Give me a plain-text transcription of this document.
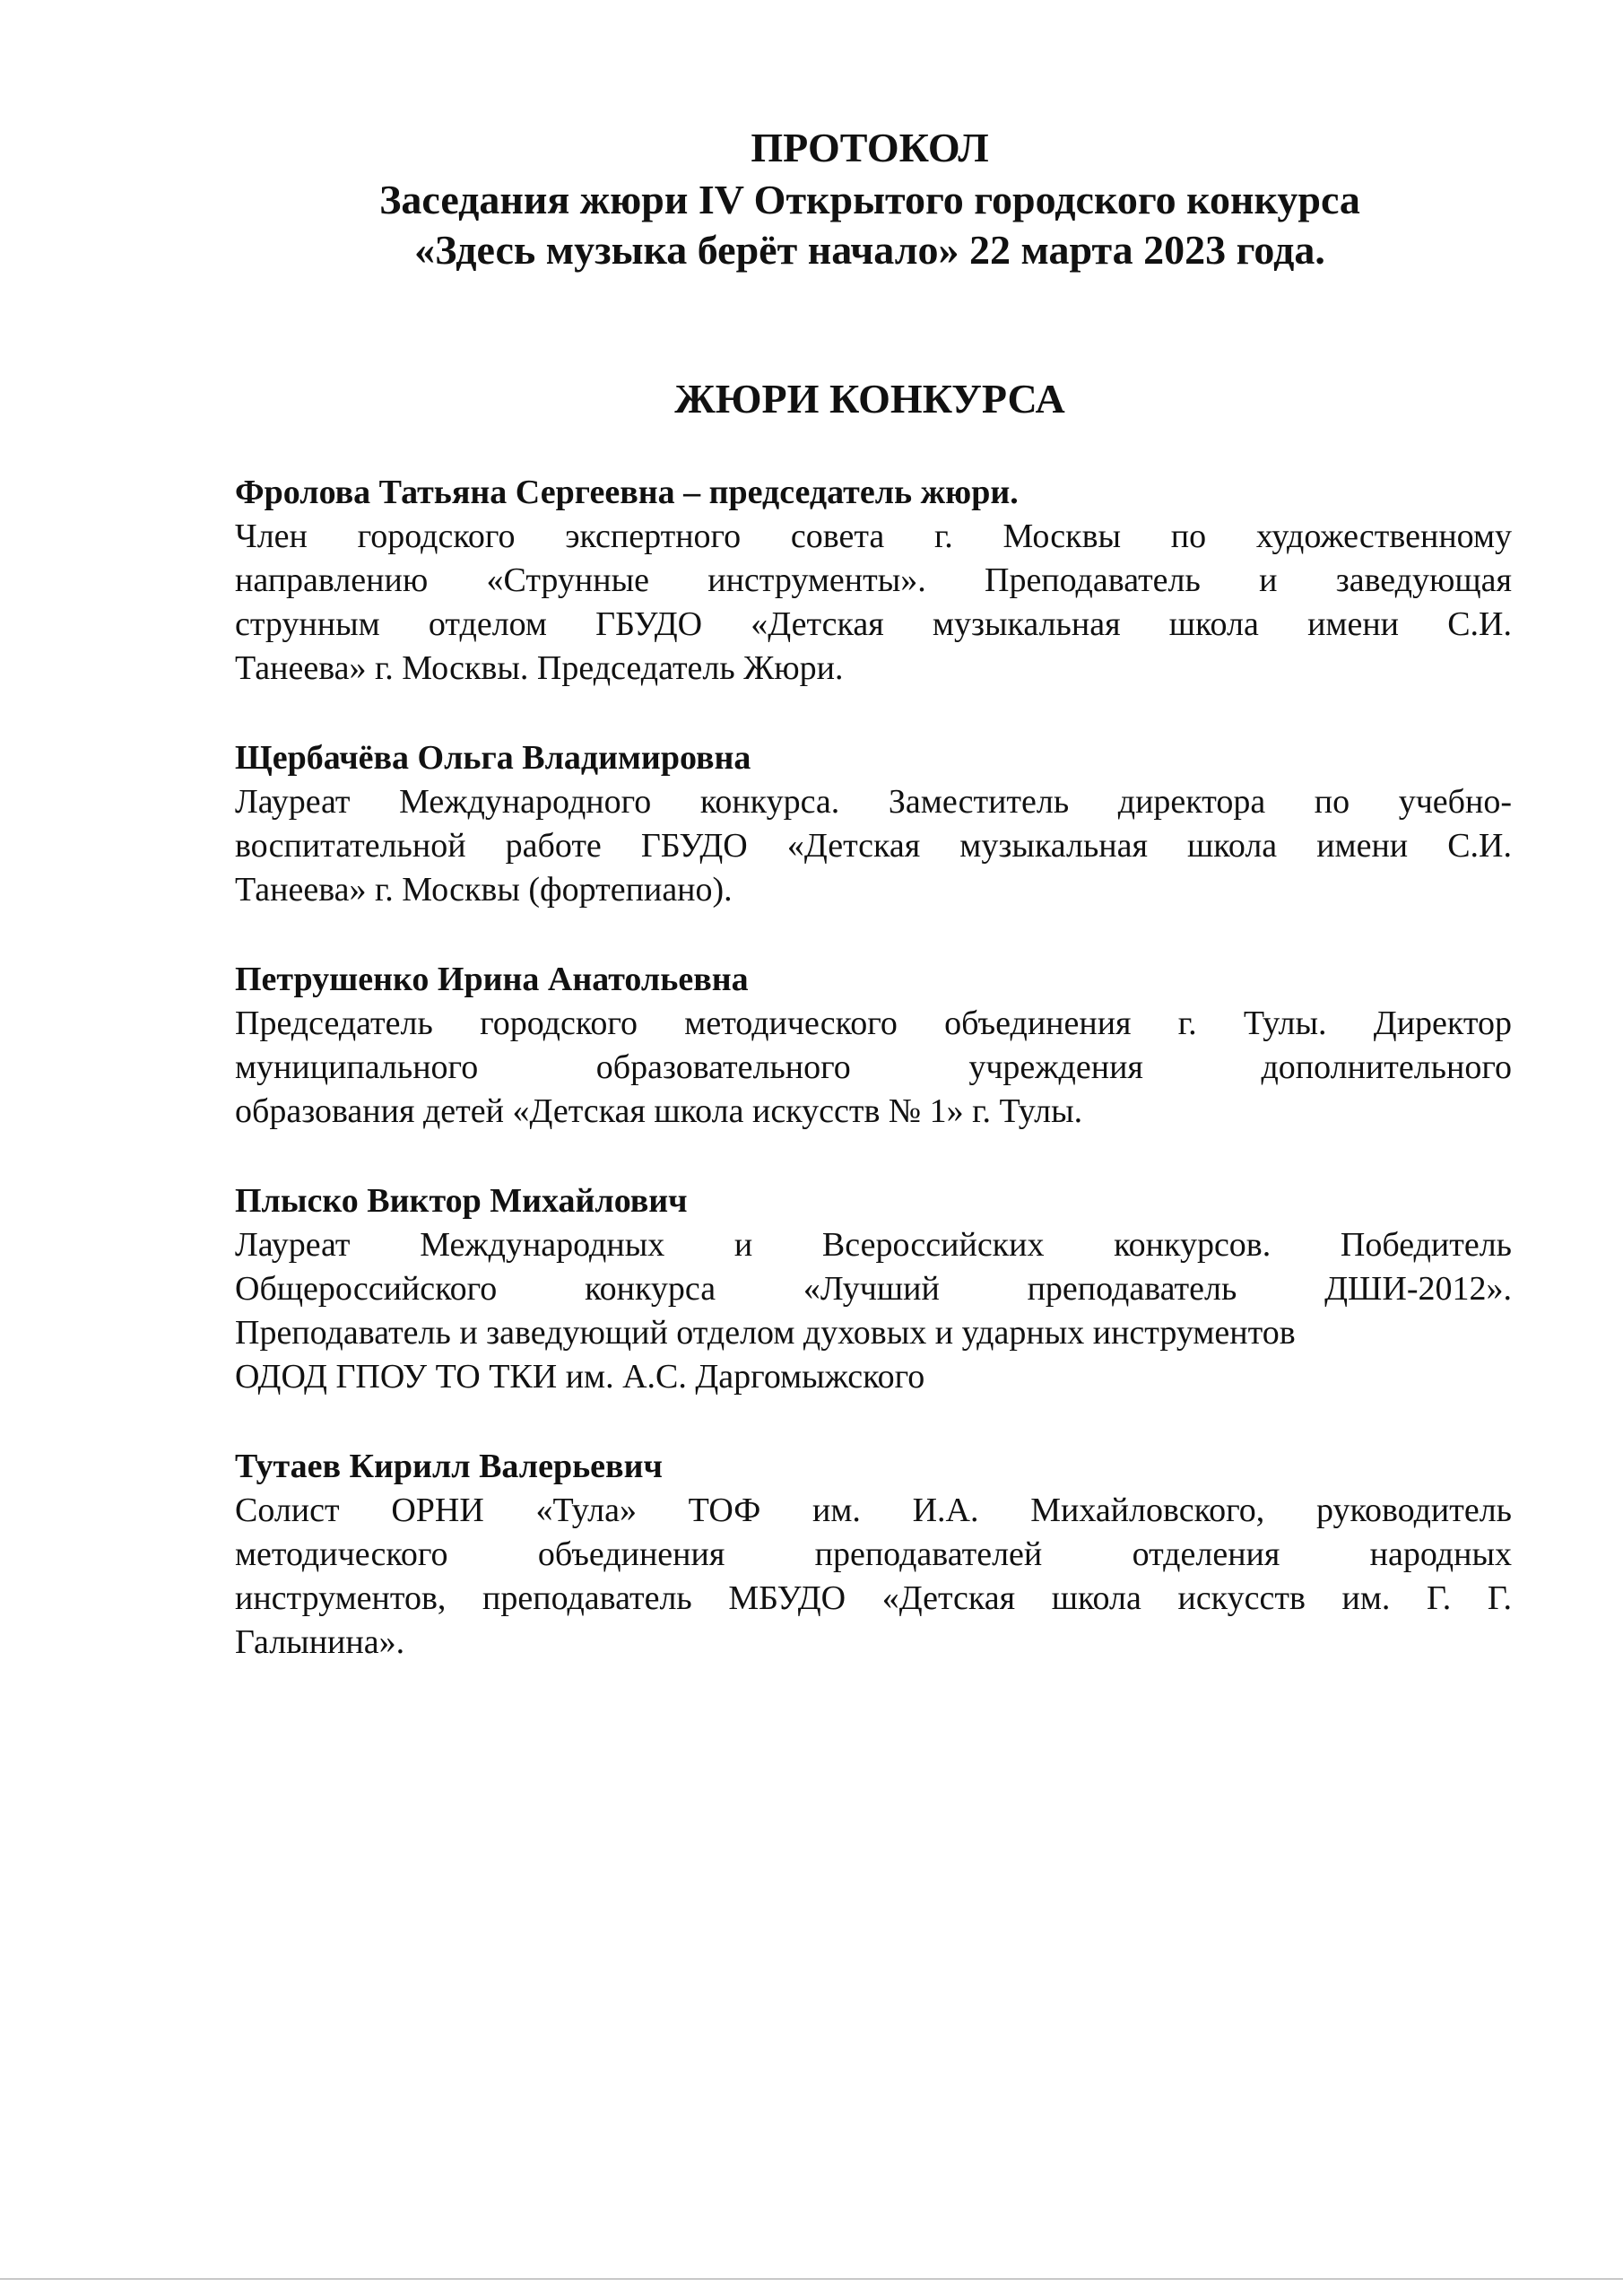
ПРОТОКОЛ
Заседания жюри IV Открытого городского конкурса
«Здесь музыка берёт начало» 22 марта 2023 года.
ЖЮРИ КОНКУРСА
Фролова Татьяна Сергеевна – председатель жюри.
Член городского экспертного совета г. Москвы по художественному
направлению «Струнные инструменты». Преподаватель и заведующая
струнным отделом ГБУДО «Детская музыкальная школа имени С.И.
Танеева» г. Москвы. Председатель Жюри.
Щербачёва Ольга Владимировна
Лауреат Международного конкурса. Заместитель директора по учебно-
воспитательной работе ГБУДО «Детская музыкальная школа имени С.И.
Танеева» г. Москвы (фортепиано).
Петрушенко Ирина Анатольевна
Председатель городского методического объединения г. Тулы. Директор
муниципального образовательного учреждения дополнительного
образования детей «Детская школа искусств № 1» г. Тулы.
Плыско Виктор Михайлович
Лауреат Международных и Всероссийских конкурсов. Победитель
Общероссийского конкурса «Лучший преподаватель ДШИ-2012».
Преподаватель и заведующий отделом духовых и ударных инструментов
ОДОД ГПОУ ТО ТКИ им. А.С. Даргомыжского
Тутаев Кирилл Валерьевич
Солист ОРНИ «Тула» ТОФ им. И.А. Михайловского, руководитель
методического объединения преподавателей отделения народных
инструментов, преподаватель МБУДО «Детская школа искусств им. Г. Г.
Галынина».
